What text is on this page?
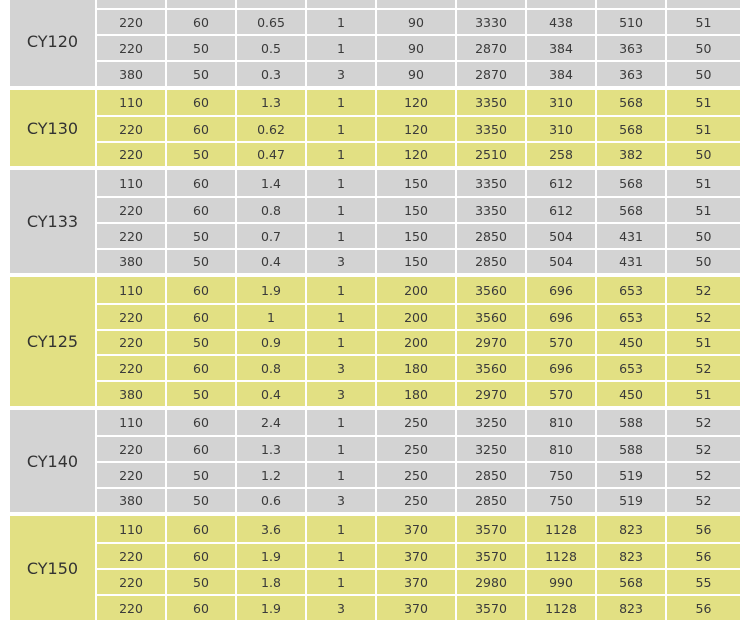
CY120
220	60	0.65	1	90	3330	438	510	51
220	50	0.5	1	90	2870	384	363	50
380	50	0.3	3	90	2870	384	363	50
CY130
110	60	1.3	1	120	3350	310	568	51
220	60	0.62	1	120	3350	310	568	51
220	50	0.47	1	120	2510	258	382	50
CY133
110	60	1.4	1	150	3350	612	568	51
220	60	0.8	1	150	3350	612	568	51
220	50	0.7	1	150	2850	504	431	50
380	50	0.4	3	150	2850	504	431	50
CY125
110	60	1.9	1	200	3560	696	653	52
220	60	1	1	200	3560	696	653	52
220	50	0.9	1	200	2970	570	450	51
220	60	0.8	3	180	3560	696	653	52
380	50	0.4	3	180	2970	570	450	51
CY140
110	60	2.4	1	250	3250	810	588	52
220	60	1.3	1	250	3250	810	588	52
220	50	1.2	1	250	2850	750	519	52
380	50	0.6	3	250	2850	750	519	52
CY150
110	60	3.6	1	370	3570	1128	823	56
220	60	1.9	1	370	3570	1128	823	56
220	50	1.8	1	370	2980	990	568	55
220	60	1.9	3	370	3570	1128	823	56
